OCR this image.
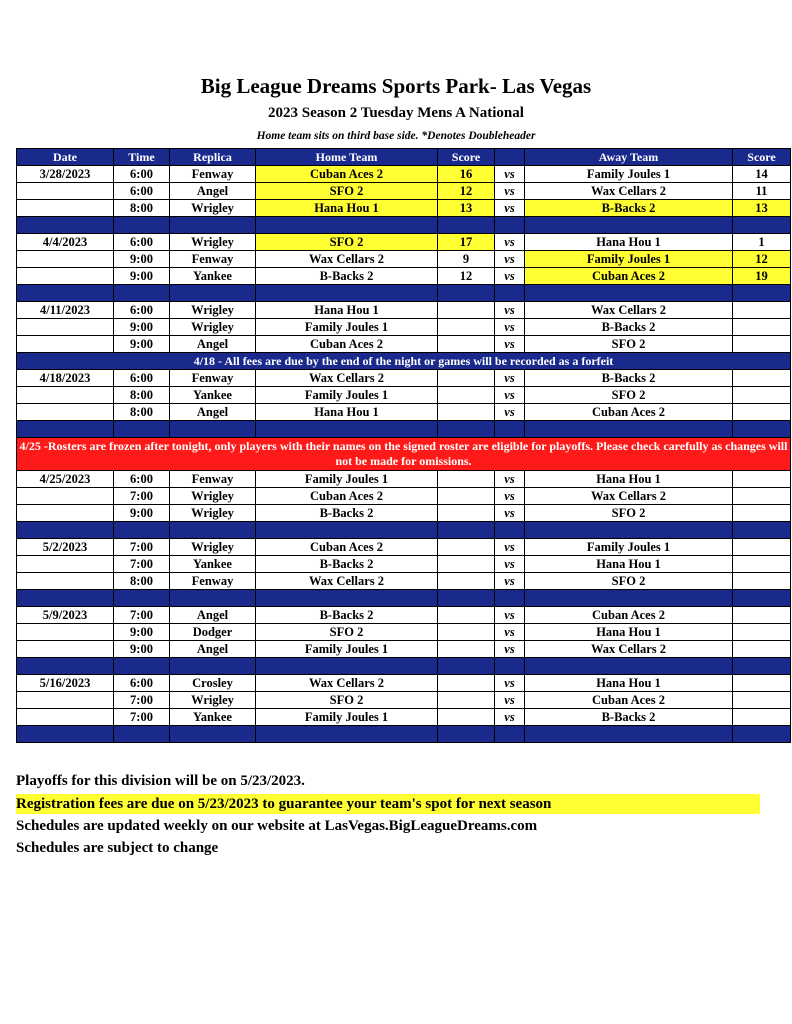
Big League Dreams Sports Park- Las Vegas
2023 Season 2 Tuesday Mens A National
Home team sits on third base side. *Denotes Doubleheader
Date	Time	Replica	Home Team	Score		Away Team	Score
3/28/2023	6:00	Fenway	Cuban Aces 2	16	vs	Family Joules 1	14
	6:00	Angel	SFO 2	12	vs	Wax Cellars 2	11
	8:00	Wrigley	Hana Hou 1	13	vs	B-Backs 2	13

4/4/2023	6:00	Wrigley	SFO 2	17	vs	Hana Hou 1	1
	9:00	Fenway	Wax Cellars 2	9	vs	Family Joules 1	12
	9:00	Yankee	B-Backs 2	12	vs	Cuban Aces 2	19

4/11/2023	6:00	Wrigley	Hana Hou 1		vs	Wax Cellars 2	
	9:00	Wrigley	Family Joules 1		vs	B-Backs 2	
	9:00	Angel	Cuban Aces 2		vs	SFO 2	
4/18 - All fees are due by the end of the night or games will be recorded as a forfeit							
4/18/2023	6:00	Fenway	Wax Cellars 2		vs	B-Backs 2	
	8:00	Yankee	Family Joules 1		vs	SFO 2	
	8:00	Angel	Hana Hou 1		vs	Cuban Aces 2	

4/25 -Rosters are frozen after tonight, only players with their names on the signed roster are eligible for playoffs. Please check carefully as changes will not be made for omissions.							
4/25/2023	6:00	Fenway	Family Joules 1		vs	Hana Hou 1	
	7:00	Wrigley	Cuban Aces 2		vs	Wax Cellars 2	
	9:00	Wrigley	B-Backs 2		vs	SFO 2	

5/2/2023	7:00	Wrigley	Cuban Aces 2		vs	Family Joules 1	
	7:00	Yankee	B-Backs 2		vs	Hana Hou 1	
	8:00	Fenway	Wax Cellars 2		vs	SFO 2	

5/9/2023	7:00	Angel	B-Backs 2		vs	Cuban Aces 2	
	9:00	Dodger	SFO 2		vs	Hana Hou 1	
	9:00	Angel	Family Joules 1		vs	Wax Cellars 2	

5/16/2023	6:00	Crosley	Wax Cellars 2		vs	Hana Hou 1	
	7:00	Wrigley	SFO 2		vs	Cuban Aces 2	
	7:00	Yankee	Family Joules 1		vs	B-Backs 2	

Playoffs for this division will be on 5/23/2023.
Registration fees are due on 5/23/2023 to guarantee your team's spot for next season
Schedules are updated weekly on our website at LasVegas.BigLeagueDreams.com
Schedules are subject to change
